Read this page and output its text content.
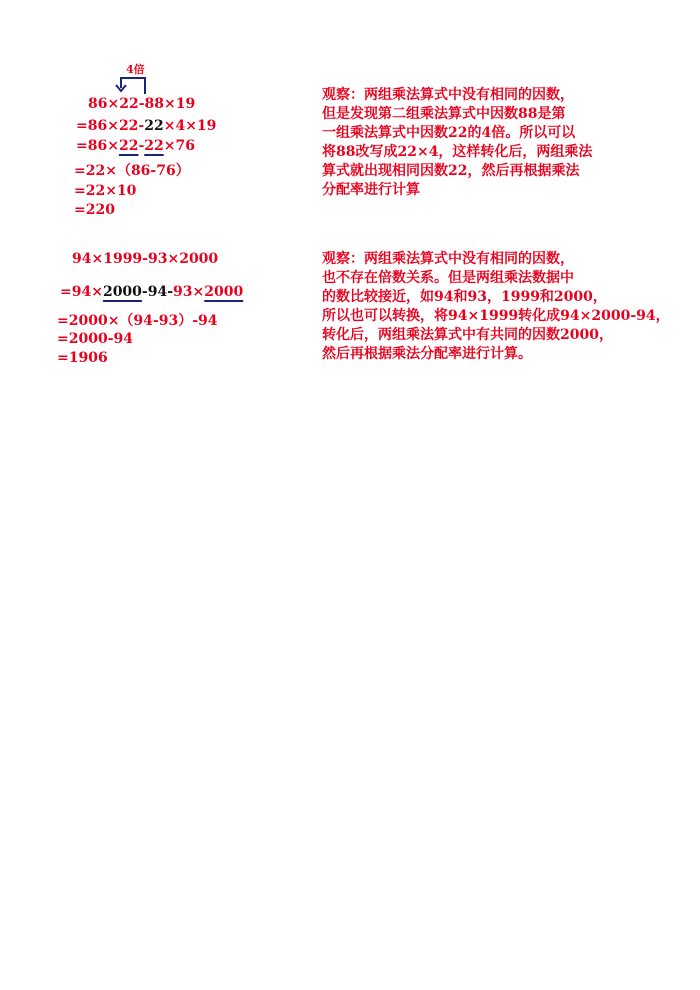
4倍
86×22-88×19
=86×22-22×4×19
=86×22-22×76
=22×（86-76）
=22×10
=220
观察：两组乘法算式中没有相同的因数，
但是发现第二组乘法算式中因数88是第
一组乘法算式中因数22的4倍。所以可以
将88改写成22×4，这样转化后，两组乘法
算式就出现相同因数22，然后再根据乘法
分配率进行计算
94×1999-93×2000
=94×2000-94-93×2000
=2000×（94-93）-94
=2000-94
=1906
观察：两组乘法算式中没有相同的因数，
也不存在倍数关系。但是两组乘法数据中
的数比较接近，如94和93，1999和2000，
所以也可以转换，将94×1999转化成94×2000-94，
转化后，两组乘法算式中有共同的因数2000，
然后再根据乘法分配率进行计算。
